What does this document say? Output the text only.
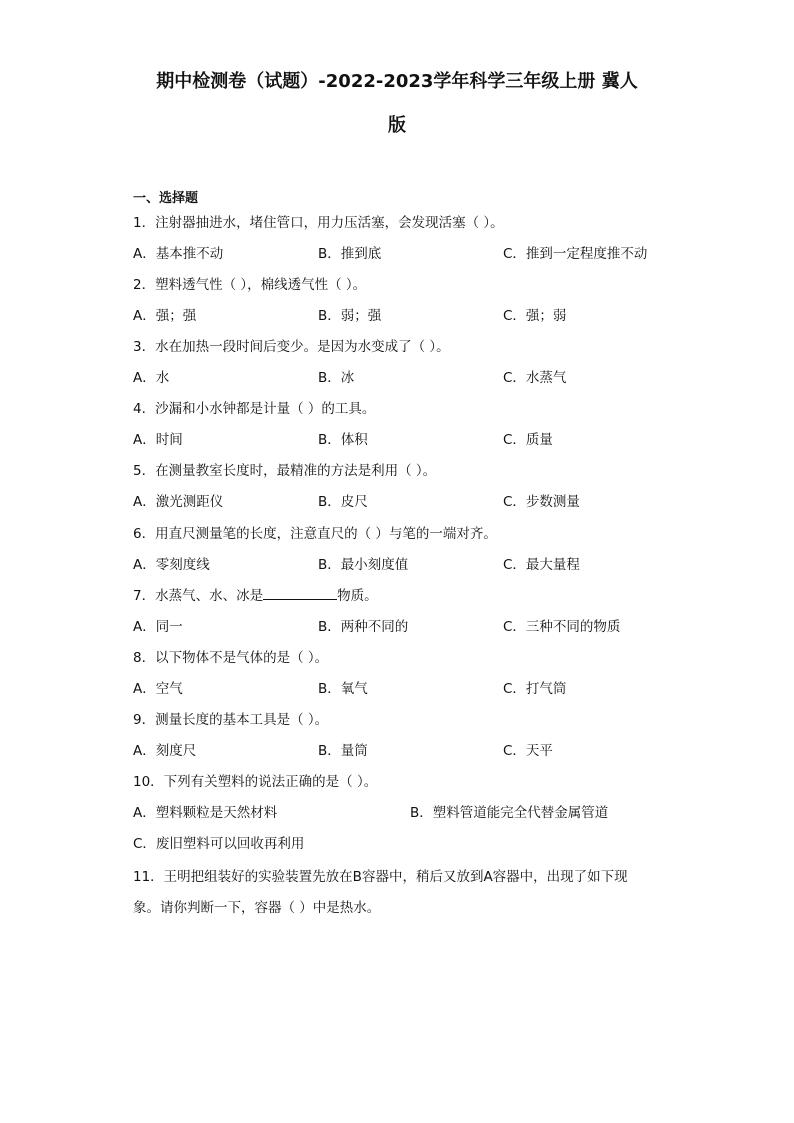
期中检测卷（试题）-2022-2023学年科学三年级上册 冀人
版
一、选择题
1．注射器抽进水，堵住管口，用力压活塞，会发现活塞（ ）。
A．基本推不动	B．推到底	C．推到一定程度推不动
2．塑料透气性（ ），棉线透气性（ ）。
A．强；强	B．弱；强	C．强；弱
3．水在加热一段时间后变少。是因为水变成了（ ）。
A．水	B．冰	C．水蒸气
4．沙漏和小水钟都是计量（ ）的工具。
A．时间	B．体积	C．质量
5．在测量教室长度时，最精准的方法是利用（ ）。
A．激光测距仪	B．皮尺	C．步数测量
6．用直尺测量笔的长度，注意直尺的（ ）与笔的一端对齐。
A．零刻度线	B．最小刻度值	C．最大量程
7．水蒸气、水、冰是	物质。
A．同一	B．两种不同的	C．三种不同的物质
8．以下物体不是气体的是（ ）。
A．空气	B．氧气	C．打气筒
9．测量长度的基本工具是（ ）。
A．刻度尺	B．量筒	C．天平
10．下列有关塑料的说法正确的是（ ）。
A．塑料颗粒是天然材料	B．塑料管道能完全代替金属管道
C．废旧塑料可以回收再利用
11．王明把组装好的实验装置先放在B容器中，稍后又放到A容器中，出现了如下现
象。请你判断一下，容器（ ）中是热水。
